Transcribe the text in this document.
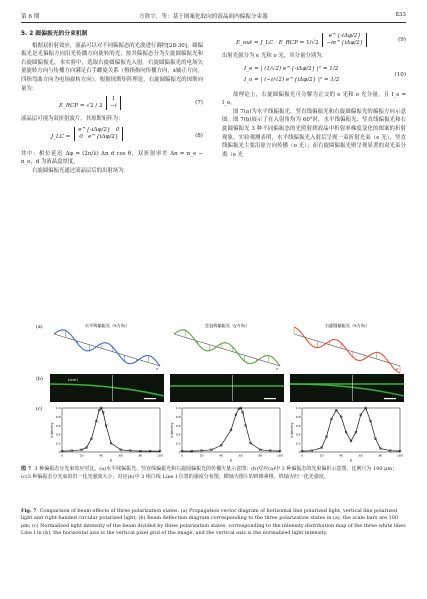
第 6 期	方欣宇，等：基于图案化取向的液晶面内偏振分束器	833
5. 2 圆偏振光的分束机制

根据双折射效应，液晶可以对不同偏振态的光波进行调控[28-30]。圆偏振光是光偏振方向沿光传播方向旋转的光，按其偏振态分为左旋圆偏振光和右旋圆偏振光。本实验中，选取右旋圆偏振光入射。右旋圆偏振光的电场矢量旋转方向与传播方向满足右手螺旋关系（拇指指向传播方向，x轴正方向，四指弯曲方向为电场旋转方向）。根据琼斯矩阵理论，右旋圆偏振光的琼斯向量为：

E_RCP = √2 / 2 1
−i	(7)

液晶层可视为双折射波片，其琼斯矩阵为：

J_LC = e^{-iΔφ/2} 0
0 e^{iΔφ/2}	(8)

其中：相位延迟 Δφ = (2π/λ) Δn d cos θ，双折射率差 Δn = n_e − n_o，d 为液晶盒厚度。

右旋圆偏振光通过液晶层后的出射场为：

E_out = J_LC · E_RCP = 1/√2 e^{-iΔφ/2}
−ie^{iΔφ/2}	(9)

出射光强分为 e 光和 o 光，其分量分别为：

I_e = | (1/√2) e^{-iΔφ/2} |² = 1/2
I_o = | (−i/√2) e^{iΔφ/2} |² = 1/2
(10)

故理论上，右旋圆偏振光可分解为正交的 e 光和 o 光分量，且 I_e = I_o。

图 7(a)为水平线偏振光、竖直线偏振光和右旋圆偏振光的偏振方向示意图。图 7(b)展示了在入射角均为 60°时，水平线偏振光、竖直线偏振光和右旋圆偏振光 3 种不同偏振态的光照射到液晶中折射率梯度变化的图案的折射现象。实验观测表明，水平线偏振光入射后呈现一束折射光束（e 光），竖直线偏振光主要沿原方向传播（o 光）；而右旋圆偏振光则呈现显著的双光束分离（e 光

(a)
(b)
(c)
水平线偏振光（x方向）
z
Line I
0
0.2
0.4
0.6
0.8
1.0
0	20	40	60	80	100
y
Intensity
竖直线偏振光（y方向）
z
0
0.2
0.4
0.6
0.8
1.0
0	20	40	60	80	100
y
Intensity
右旋圆偏振光（x方向）
z
0
0.2
0.4
0.6
0.8
1.0
0	20	40	60	80	100
y
Intensity
图 7 3 种偏振态分光束效应对比。(a)水平线偏振光、竖直线偏振光和右旋圆偏振光的传播矢量示意图；(b)对应(a)中 3 种偏振态的光束偏折示意图，比例尺为 100 μm；(c)3 种偏振态分光束的归一化光强度大小，对应(b)中 3 组白线 Line I 位置的强度分布图，横轴为图片的纵像素格，纵轴为归一化光强度。
Fig. 7 Comparison of beam effects of three polarization states. (a) Propagation vector diagram of horizontal line polarized light, vertical line polarized light and right-handed circular polarized light; (b) Beam deflection diagram corresponding to the three polarization states in (a), the scale bars are 100 μm; (c) Normalized light intensity of the beam divided by three polarization states, corresponding to the intensity distribution map of the three white lines Line I in (b), the horizontal axis is the vertical pixel grid of the image, and the vertical axis is the normalized light intensity.
